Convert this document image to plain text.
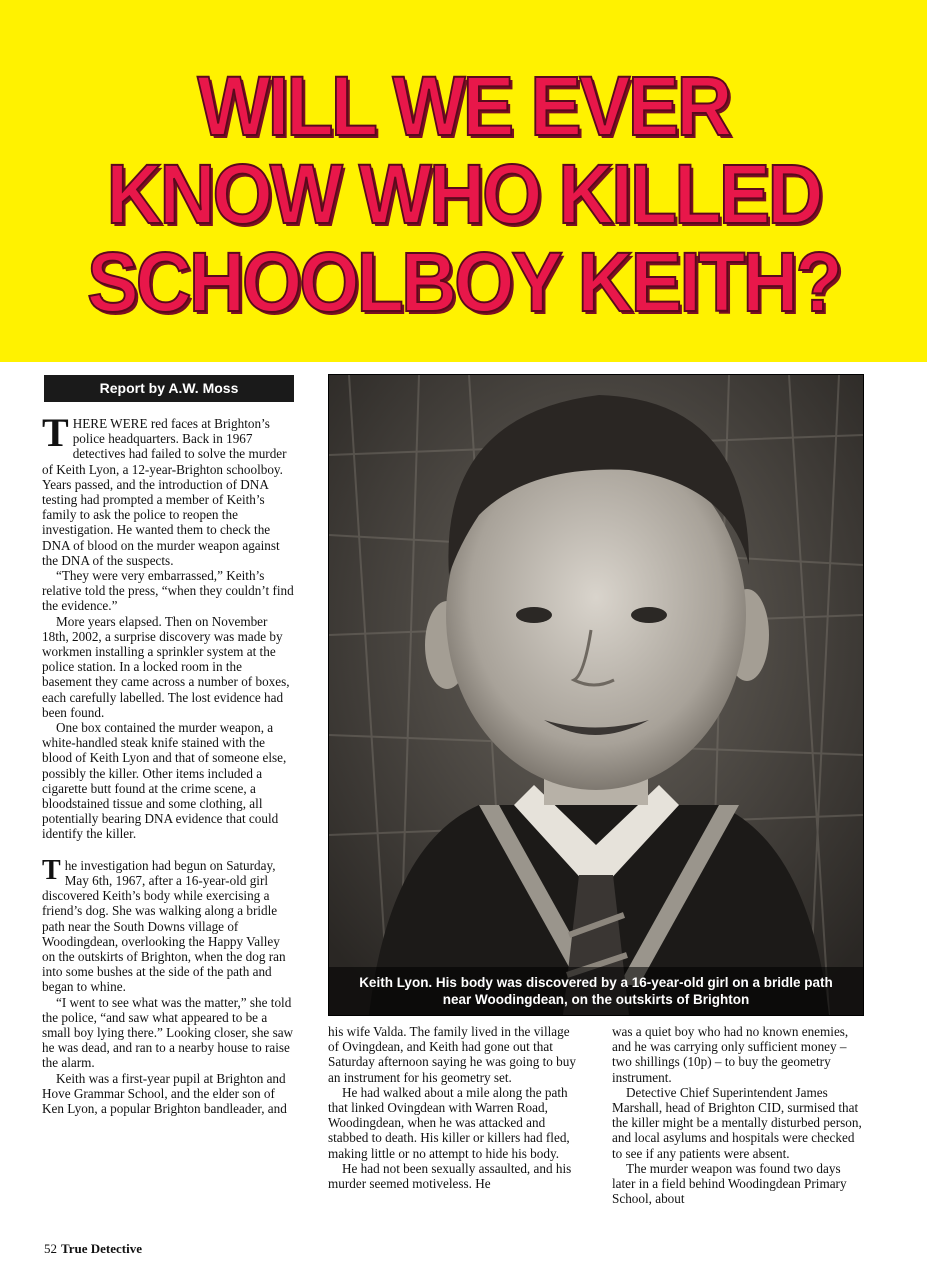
WILL WE EVER
KNOW WHO KILLED
SCHOOLBOY KEITH?
Report by A.W. Moss

THERE WERE red faces at Brighton’s police headquarters. Back in 1967 detectives had failed to solve the murder of Keith Lyon, a 12-year-Brighton schoolboy. Years passed, and the introduction of DNA testing had prompted a member of Keith’s family to ask the police to reopen the investigation. He wanted them to check the DNA of blood on the murder weapon against the DNA of the suspects.

“They were very embarrassed,” Keith’s relative told the press, “when they couldn’t find the evidence.”

More years elapsed. Then on November 18th, 2002, a surprise discovery was made by workmen installing a sprinkler system at the police station. In a locked room in the basement they came across a number of boxes, each carefully labelled. The lost evidence had been found.

One box contained the murder weapon, a white-handled steak knife stained with the blood of Keith Lyon and that of someone else, possibly the killer. Other items included a cigarette butt found at the crime scene, a bloodstained tissue and some clothing, all potentially bearing DNA evidence that could identify the killer.

The investigation had begun on Saturday, May 6th, 1967, after a 16-year-old girl discovered Keith’s body while exercising a friend’s dog. She was walking along a bridle path near the South Downs village of Woodingdean, overlooking the Happy Valley on the outskirts of Brighton, when the dog ran into some bushes at the side of the path and began to whine.

“I went to see what was the matter,” she told the police, “and saw what appeared to be a small boy lying there.” Looking closer, she saw he was dead, and ran to a nearby house to raise the alarm.

Keith was a first-year pupil at Brighton and Hove Grammar School, and the elder son of Ken Lyon, a popular Brighton bandleader, and

Keith Lyon. His body was discovered by a 16-year-old girl on a bridle path near Woodingdean, on the outskirts of Brighton

his wife Valda. The family lived in the village of Ovingdean, and Keith had gone out that Saturday afternoon saying he was going to buy an instrument for his geometry set.

He had walked about a mile along the path that linked Ovingdean with Warren Road, Woodingdean, when he was attacked and stabbed to death. His killer or killers had fled, making little or no attempt to hide his body.

He had not been sexually assaulted, and his murder seemed motiveless. He

was a quiet boy who had no known enemies, and he was carrying only sufficient money – two shillings (10p) – to buy the geometry instrument.

Detective Chief Superintendent James Marshall, head of Brighton CID, surmised that the killer might be a mentally disturbed person, and local asylums and hospitals were checked to see if any patients were absent.

The murder weapon was found two days later in a field behind Woodingdean Primary School, about

52 True Detective
